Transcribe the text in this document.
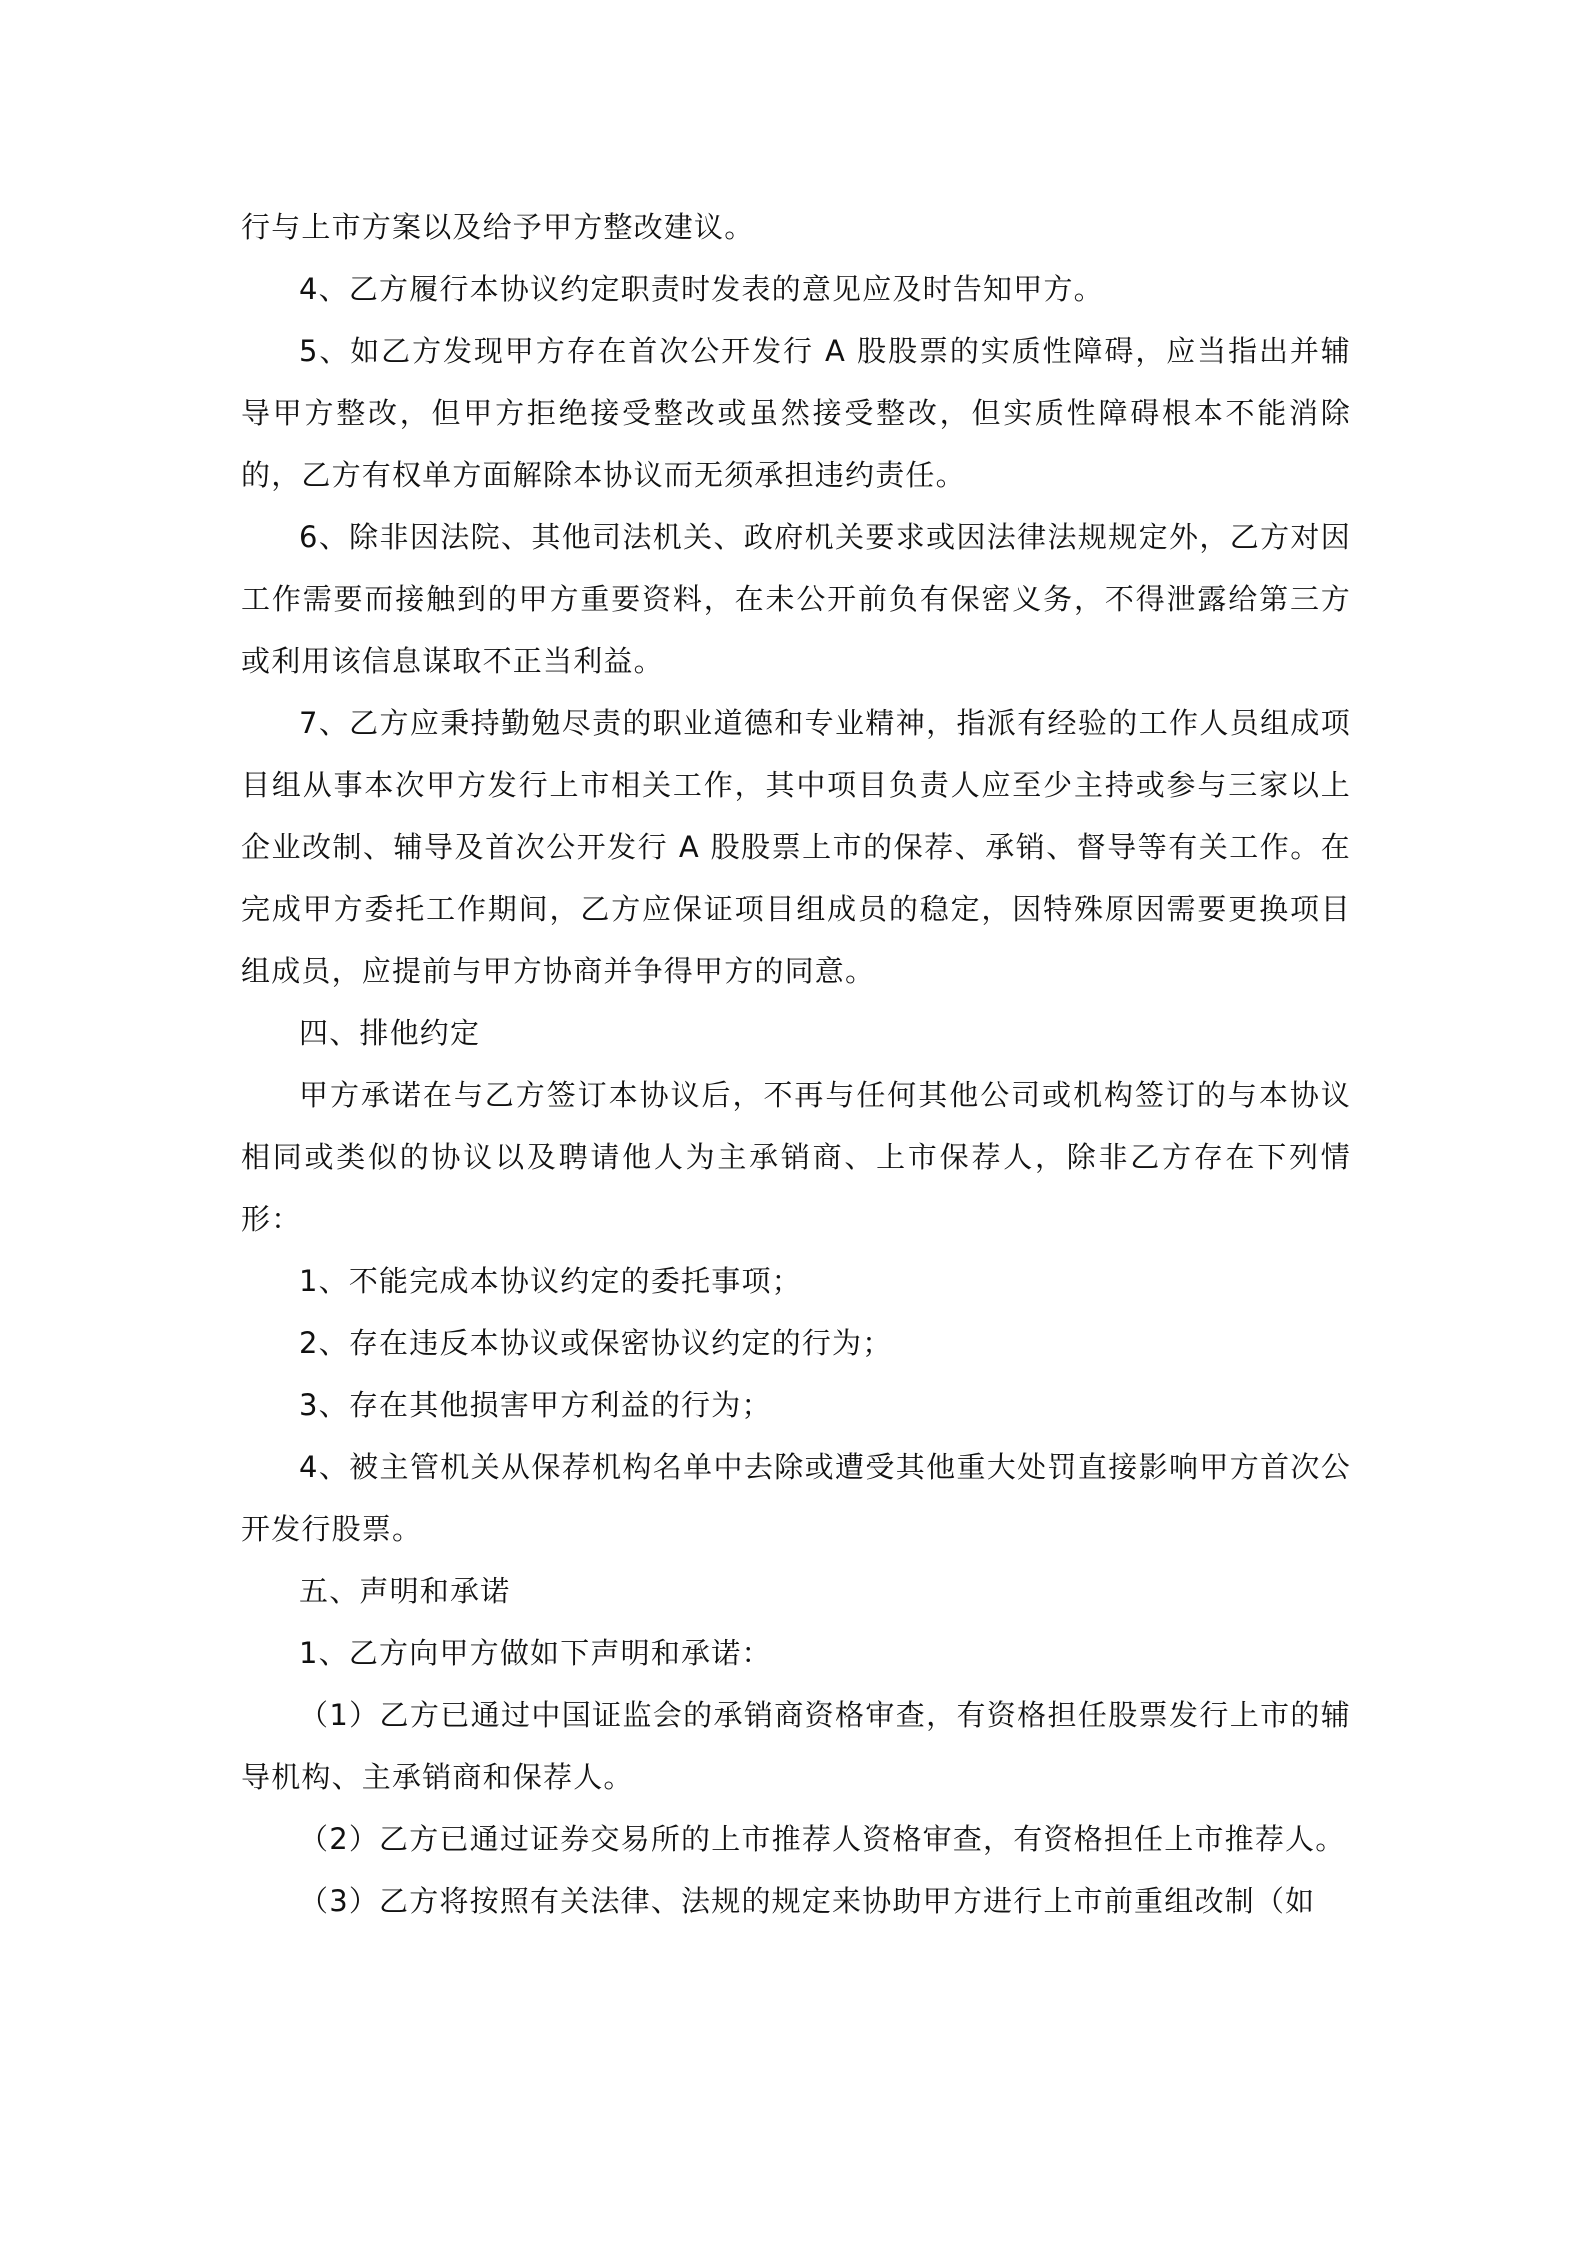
行与上市方案以及给予甲方整改建议。

4、乙方履行本协议约定职责时发表的意见应及时告知甲方。

5、如乙方发现甲方存在首次公开发行 A 股股票的实质性障碍，应当指出并辅导甲方整改，但甲方拒绝接受整改或虽然接受整改，但实质性障碍根本不能消除的，乙方有权单方面解除本协议而无须承担违约责任。

6、除非因法院、其他司法机关、政府机关要求或因法律法规规定外，乙方对因工作需要而接触到的甲方重要资料，在未公开前负有保密义务，不得泄露给第三方或利用该信息谋取不正当利益。

7、乙方应秉持勤勉尽责的职业道德和专业精神，指派有经验的工作人员组成项目组从事本次甲方发行上市相关工作，其中项目负责人应至少主持或参与三家以上企业改制、辅导及首次公开发行 A 股股票上市的保荐、承销、督导等有关工作。在完成甲方委托工作期间，乙方应保证项目组成员的稳定，因特殊原因需要更换项目组成员，应提前与甲方协商并争得甲方的同意。

四、排他约定

甲方承诺在与乙方签订本协议后，不再与任何其他公司或机构签订的与本协议相同或类似的协议以及聘请他人为主承销商、上市保荐人，除非乙方存在下列情形：

1、不能完成本协议约定的委托事项；

2、存在违反本协议或保密协议约定的行为；

3、存在其他损害甲方利益的行为；

4、被主管机关从保荐机构名单中去除或遭受其他重大处罚直接影响甲方首次公开发行股票。

五、声明和承诺

1、乙方向甲方做如下声明和承诺：

（1）乙方已通过中国证监会的承销商资格审查，有资格担任股票发行上市的辅导机构、主承销商和保荐人。

（2）乙方已通过证券交易所的上市推荐人资格审查，有资格担任上市推荐人。

（3）乙方将按照有关法律、法规的规定来协助甲方进行上市前重组改制（如
